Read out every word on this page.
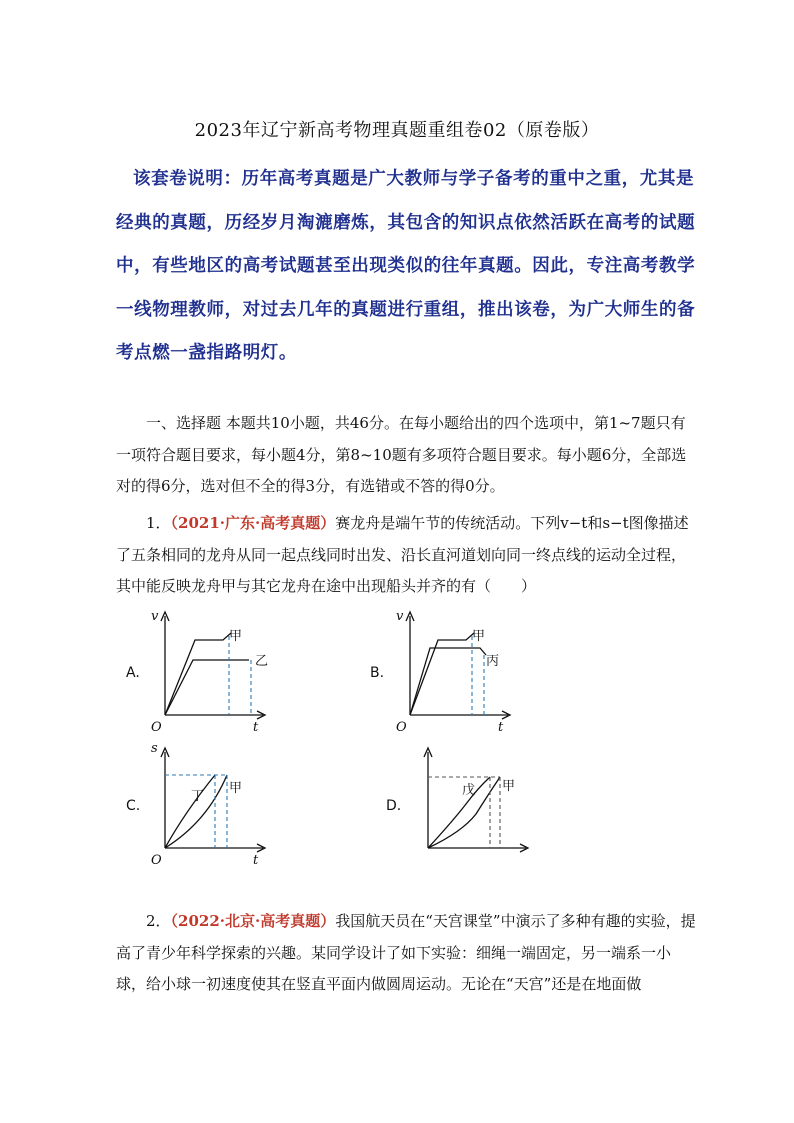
2023年辽宁新高考物理真题重组卷02（原卷版）
该套卷说明：历年高考真题是广大教师与学子备考的重中之重，尤其是经典的真题，历经岁月淘漉磨炼，其包含的知识点依然活跃在高考的试题中，有些地区的高考试题甚至出现类似的往年真题。因此，专注高考教学一线物理教师，对过去几年的真题进行重组，推出该卷，为广大师生的备考点燃一盏指路明灯。
一、选择题 本题共10小题，共46分。在每小题给出的四个选项中，第1~7题只有一项符合题目要求，每小题4分，第8~10题有多项符合题目要求。每小题6分，全部选对的得6分，选对但不全的得3分，有选错或不答的得0分。
1．（2021·广东·高考真题）赛龙舟是端午节的传统活动。下列v−t和s−t图像描述了五条相同的龙舟从同一起点线同时出发、沿长直河道划向同一终点线的运动全过程，其中能反映龙舟甲与其它龙舟在途中出现船头并齐的有（　　）
A.
v
t
O
甲
乙
B.
v
t
O
甲
丙
C.
s
t
O
丁
甲
D.
戊 甲
2．（2022·北京·高考真题）我国航天员在“天宫课堂”中演示了多种有趣的实验，提高了青少年科学探索的兴趣。某同学设计了如下实验：细绳一端固定，另一端系一小球，给小球一初速度使其在竖直平面内做圆周运动。无论在“天宫”还是在地面做
